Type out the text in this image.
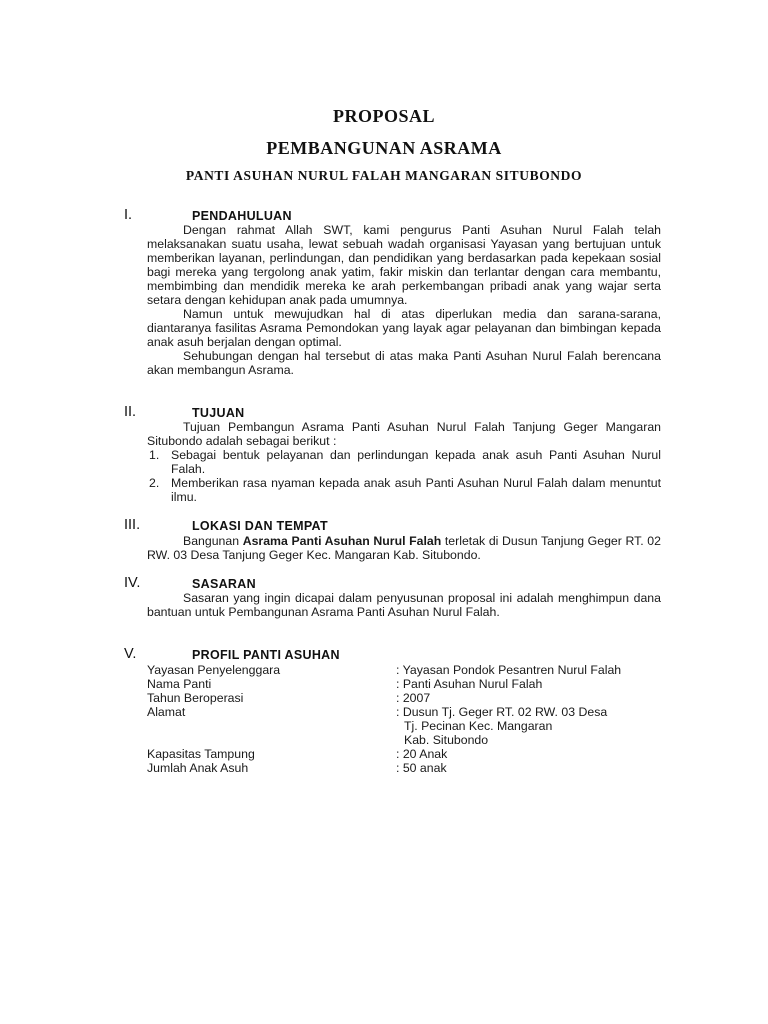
PROPOSAL
PEMBANGUNAN ASRAMA
PANTI ASUHAN NURUL FALAH MANGARAN SITUBONDO
I.	PENDAHULUAN

Dengan rahmat Allah SWT, kami pengurus Panti Asuhan Nurul Falah telah melaksanakan suatu usaha, lewat sebuah wadah organisasi Yayasan yang bertujuan untuk memberikan layanan, perlindungan, dan pendidikan yang berdasarkan pada kepekaan sosial bagi mereka yang tergolong anak yatim, fakir miskin dan terlantar dengan cara membantu, membimbing dan mendidik mereka ke arah perkembangan pribadi anak yang wajar serta setara dengan kehidupan anak pada umumnya.

Namun untuk mewujudkan hal di atas diperlukan media dan sarana-sarana, diantaranya fasilitas Asrama Pemondokan yang layak agar pelayanan dan bimbingan kepada anak asuh berjalan dengan optimal.

Sehubungan dengan hal tersebut di atas maka Panti Asuhan Nurul Falah berencana akan membangun Asrama.

II.	TUJUAN

Tujuan Pembangun Asrama Panti Asuhan Nurul Falah Tanjung Geger Mangaran Situbondo adalah sebagai berikut :

1. Sebagai bentuk pelayanan dan perlindungan kepada anak asuh Panti Asuhan Nurul Falah.
2. Memberikan rasa nyaman kepada anak asuh Panti Asuhan Nurul Falah dalam menuntut ilmu.
III.	LOKASI DAN TEMPAT

Bangunan Asrama Panti Asuhan Nurul Falah terletak di Dusun Tanjung Geger RT. 02 RW. 03 Desa Tanjung Geger Kec. Mangaran Kab. Situbondo.

IV.	SASARAN

Sasaran yang ingin dicapai dalam penyusunan proposal ini adalah menghimpun dana bantuan untuk Pembangunan Asrama Panti Asuhan Nurul Falah.

V.	PROFIL PANTI ASUHAN
Yayasan Penyelenggara	: Yayasan Pondok Pesantren Nurul Falah
Nama Panti	: Panti Asuhan Nurul Falah
Tahun Beroperasi	: 2007
Alamat	: Dusun Tj. Geger RT. 02 RW. 03 Desa
Tj. Pecinan Kec. Mangaran
Kab. Situbondo

Kapasitas Tampung	: 20 Anak
Jumlah Anak Asuh	: 50 anak
